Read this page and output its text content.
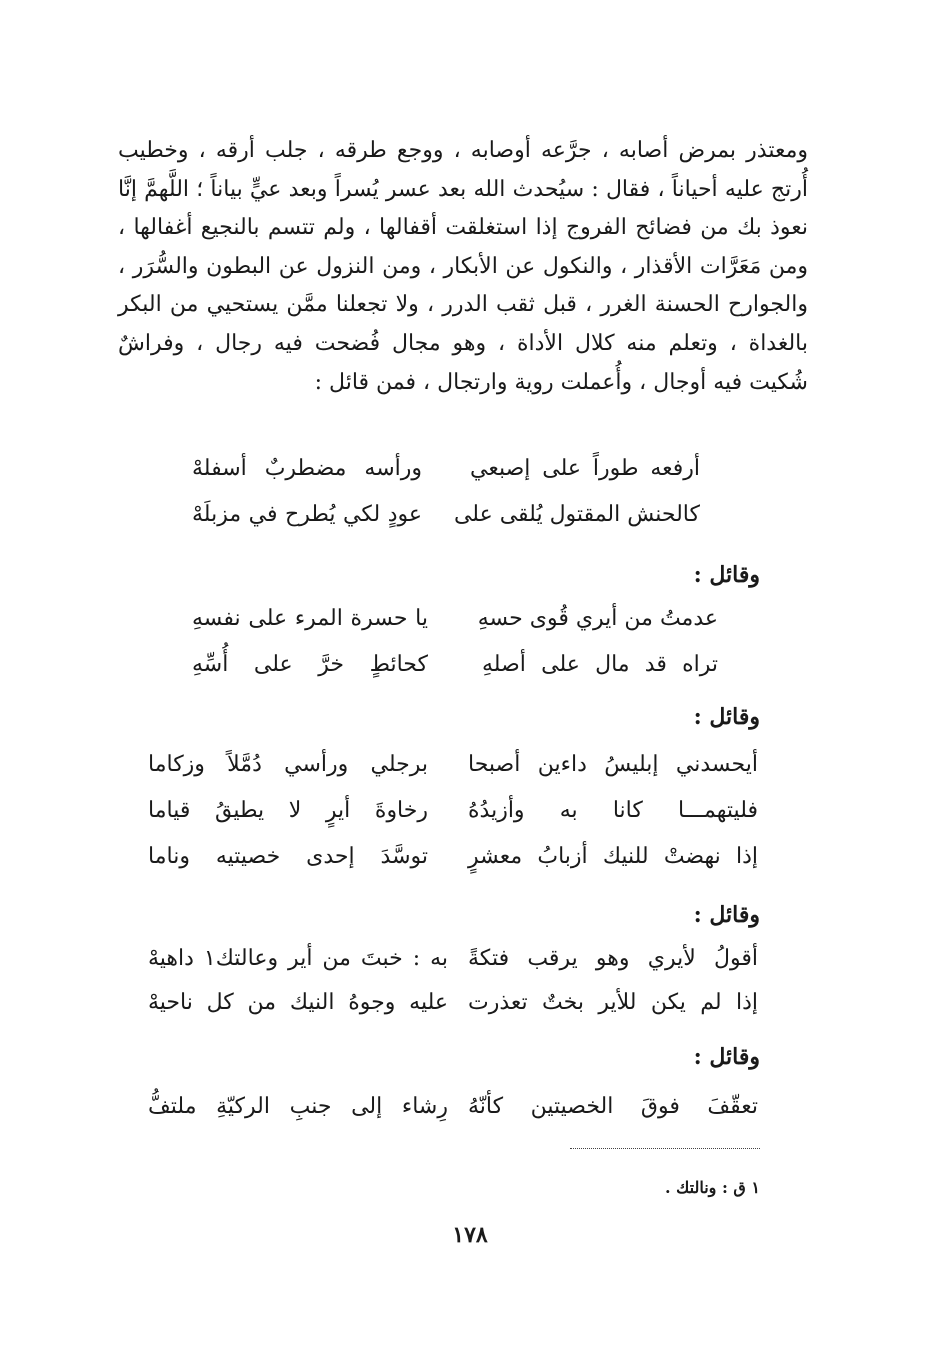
ومعتذر بمرض أصابه ، جرَّعه أوصابه ، ووجع طرقه ، جلب أرقه ، وخطيب أُرتج عليه أحياناً ، فقال : سيُحدث الله بعد عسر يُسراً وبعد عيٍّ بياناً ؛ اللَّهمَّ إنَّا نعوذ بك من فضائح الفروج إذا استغلقت أقفالها ، ولم تتسم بالنجيع أغفالها ، ومن مَعَرَّات الأقذار ، والنكول عن الأبكار ، ومن النزول عن البطون والسُّرَر ، والجوارح الحسنة الغرر ، قبل ثقب الدرر ، ولا تجعلنا ممَّن يستحيي من البكر بالغداة ، وتعلم منه كلال الأداة ، وهو مجال فُضحت فيه رجال ، وفراشٌ شُكيت فيه أوجال ، وأُعملت روية وارتجال ، فمن قائل :

أرفعه طوراً على إصبعي
ورأسه مضطربٌ أسفلهْ
كالحنش المقتول يُلقى على
عودٍ لكي يُطرح في مزبلَهْ

وقائل :

عدمتُ من أيري قُوى حسهِ
يا حسرة المرء على نفسهِ
تراه قد مال على أصلهِ
كحائطٍ خرَّ على أُسِّهِ

وقائل :

أيحسدني إبليسُ داءين أصبحا
برجلي ورأسي دُمَّلاً وزكاما
فليتهمـــا كانا به وأزيدُهُ
رخاوةَ أيرٍ لا يطيقُ قياما
إذا نهضتْ للنيك أزبابُ معشرٍ
توسَّدَ إحدى خصيتيه وناما

وقائل :

أقولُ لأيري وهو يرقب فتكةً
به : خبتَ من أير وعالتك١ داهيهْ
إذا لم يكن للأير بختٌ تعذرت
عليه وجوهُ النيك من كل ناحيهْ

وقائل :

تعقّفَ فوقَ الخصيتين كأنّهُ
رِشاء إلى جنبِ الركيّةِ ملتفُّ

١ ق : ونالتك .

١٧٨
